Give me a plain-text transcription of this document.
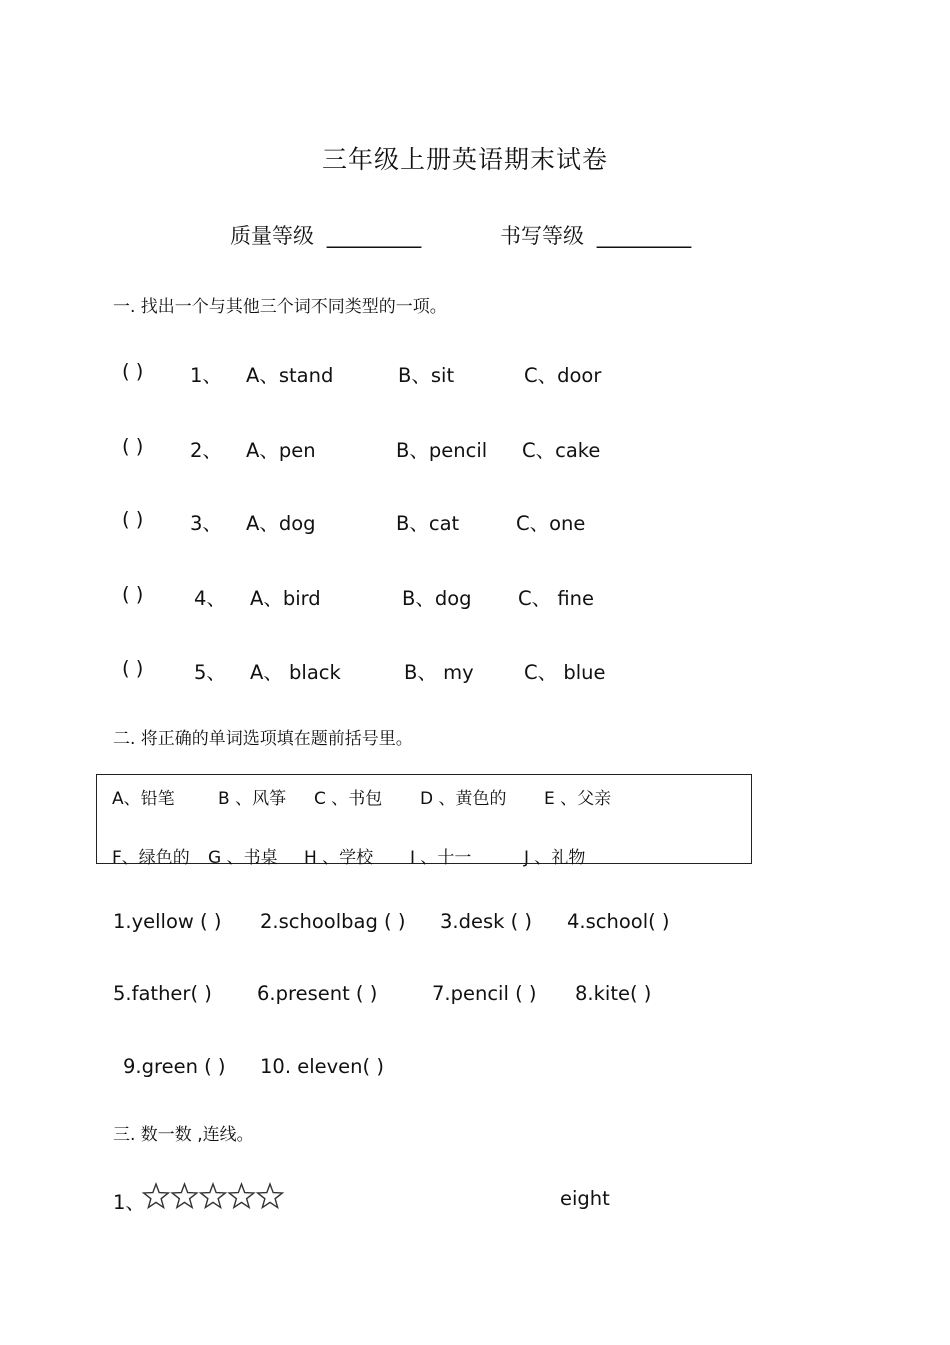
三年级上册英语期末试卷
质量等级 _________	书写等级 _________
一. 找出一个与其他三个词不同类型的一项。
( ) 1、 A、stand	B、sit	C、door
( ) 2、 A、pen	B、pencil C、cake
( ) 3、 A、dog	B、cat	C、one
( )	4、 A、bird	B、dog C、 fine
( )	5、 A、 black	B、 my	C、 blue
二. 将正确的单词选项填在题前括号里。
A、铅笔	B 、风筝 C 、书包 D 、黄色的 E 、父亲
F、绿色的 G 、书桌 H 、学校 I 、十一	J 、礼物
1.yellow ( ) 2.schoolbag ( ) 3.desk ( ) 4.school( )
5.father( ) 6.present ( )	7.pencil ( ) 8.kite( )
9.green ( ) 10. eleven( )
三. 数一数 ,连线。
1、	eight
